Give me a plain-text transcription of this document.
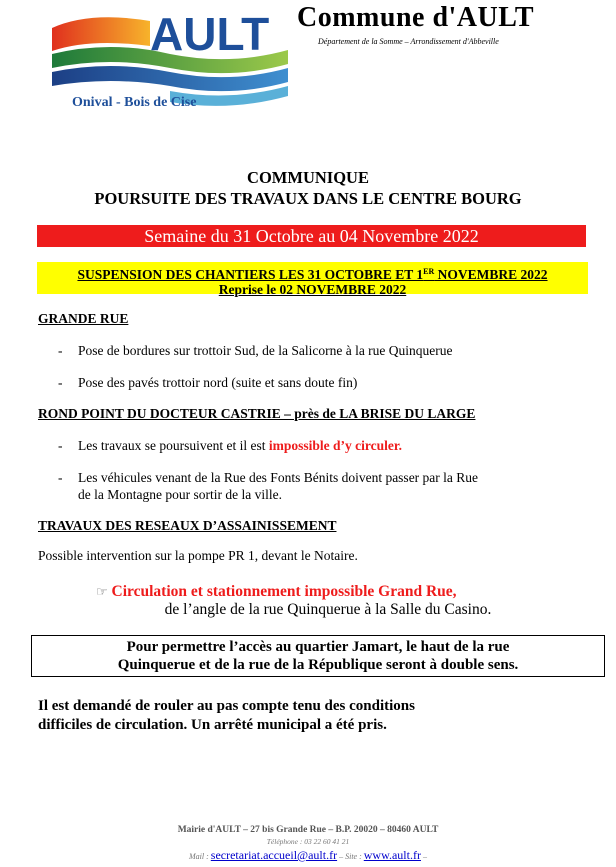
AULT
Onival - Bois de Cise
Commune d'AULT
Département de la Somme – Arrondissement d'Abbeville
COMMUNIQUE
POURSUITE DES TRAVAUX DANS LE CENTRE BOURG
Semaine du 31 Octobre au 04 Novembre 2022
SUSPENSION DES CHANTIERS LES 31 OCTOBRE ET 1ER NOVEMBRE 2022
Reprise le 02 NOVEMBRE 2022
GRANDE RUE
- Pose de bordures sur trottoir Sud, de la Salicorne à la rue Quinquerue
- Pose des pavés trottoir nord (suite et sans doute fin)
ROND POINT DU DOCTEUR CASTRIE – près de LA BRISE DU LARGE
- Les travaux se poursuivent et il est impossible d’y circuler.
- Les véhicules venant de la Rue des Fonts Bénits doivent passer par la Rue
de la Montagne pour sortir de la ville.
TRAVAUX DES RESEAUX D’ASSAINISSEMENT
Possible intervention sur la pompe PR 1, devant le Notaire.
☞ Circulation et stationnement impossible Grand Rue,
de l’angle de la rue Quinquerue à la Salle du Casino.
Pour permettre l’accès au quartier Jamart, le haut de la rue
Quinquerue et de la rue de la République seront à double sens.
Il est demandé de rouler au pas compte tenu des conditions
difficiles de circulation. Un arrêté municipal a été pris.
Mairie d'AULT – 27 bis Grande Rue – B.P. 20020 – 80460 AULT
Téléphone : 03 22 60 41 21
Mail : secretariat.accueil@ault.fr – Site : www.ault.fr –
